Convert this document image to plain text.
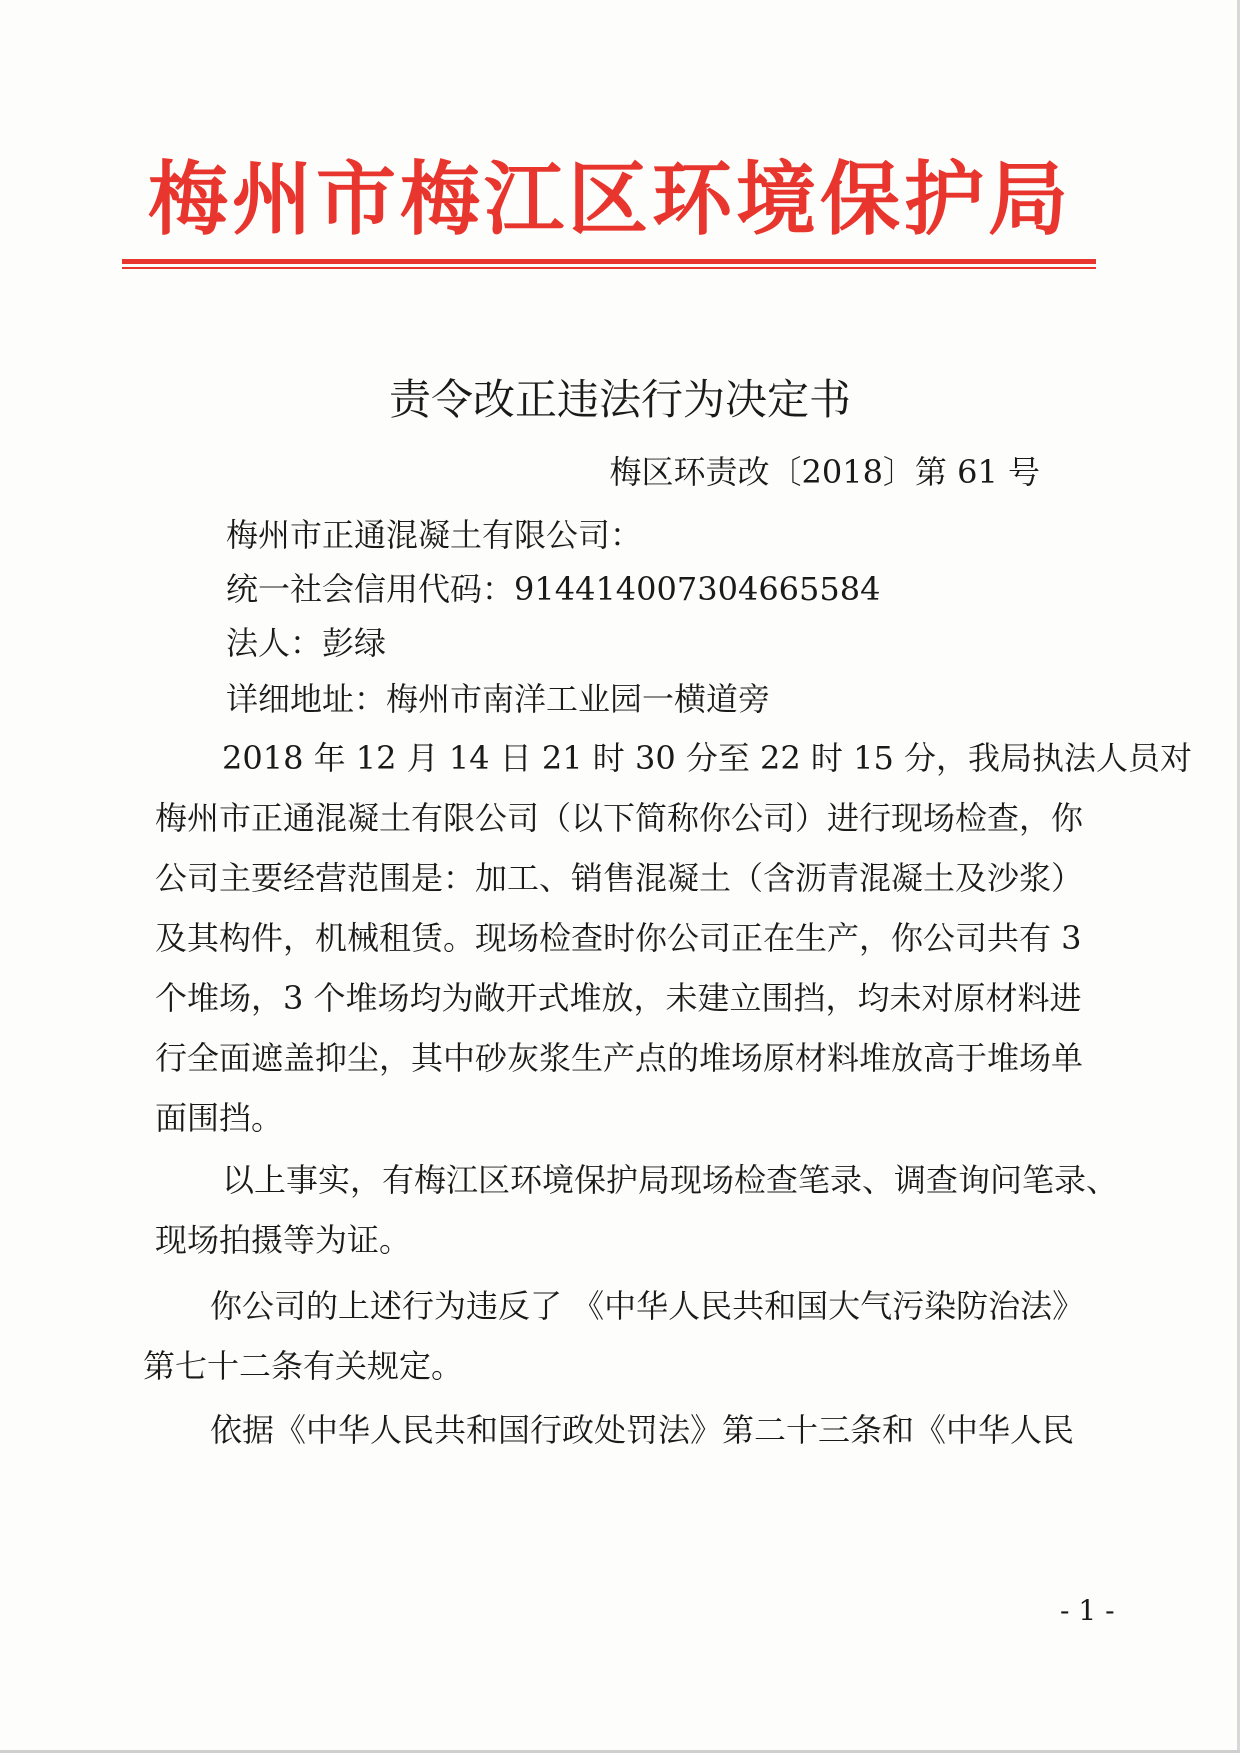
梅州市梅江区环境保护局
责令改正违法行为决定书
梅区环责改〔2018〕第 61 号
梅州市正通混凝土有限公司：
统一社会信用代码：91441400730466558​4
法人：彭绿
详细地址：梅州市南洋工业园一横道旁
2018 年 12 月 14 日 21 时 30 分至 22 时 15 分，我局执法人员对
梅州市正通混凝土有限公司（以下简称你公司）进行现场检查，你
公司主要经营范围是：加工、销售混凝土（含沥青混凝土及沙浆）
及其构件，机械租赁。现场检查时你公司正在生产，你公司共有 3
个堆场，3 个堆场均为敞开式堆放，未建立围挡，均未对原材料进
行全面遮盖抑尘，其中砂灰浆生产点的堆场原材料堆放高于堆场单
面围挡。
以上事实，有梅江区环境保护局现场检查笔录、调查询问笔录、
现场拍摄等为证。
你公司的上述行为违反了 《中华人民共和国大气污染防治法》
第七十二条有关规定。
依据《中华人民共和国行政处罚法》第二十三条和《中华人民
- 1 -
